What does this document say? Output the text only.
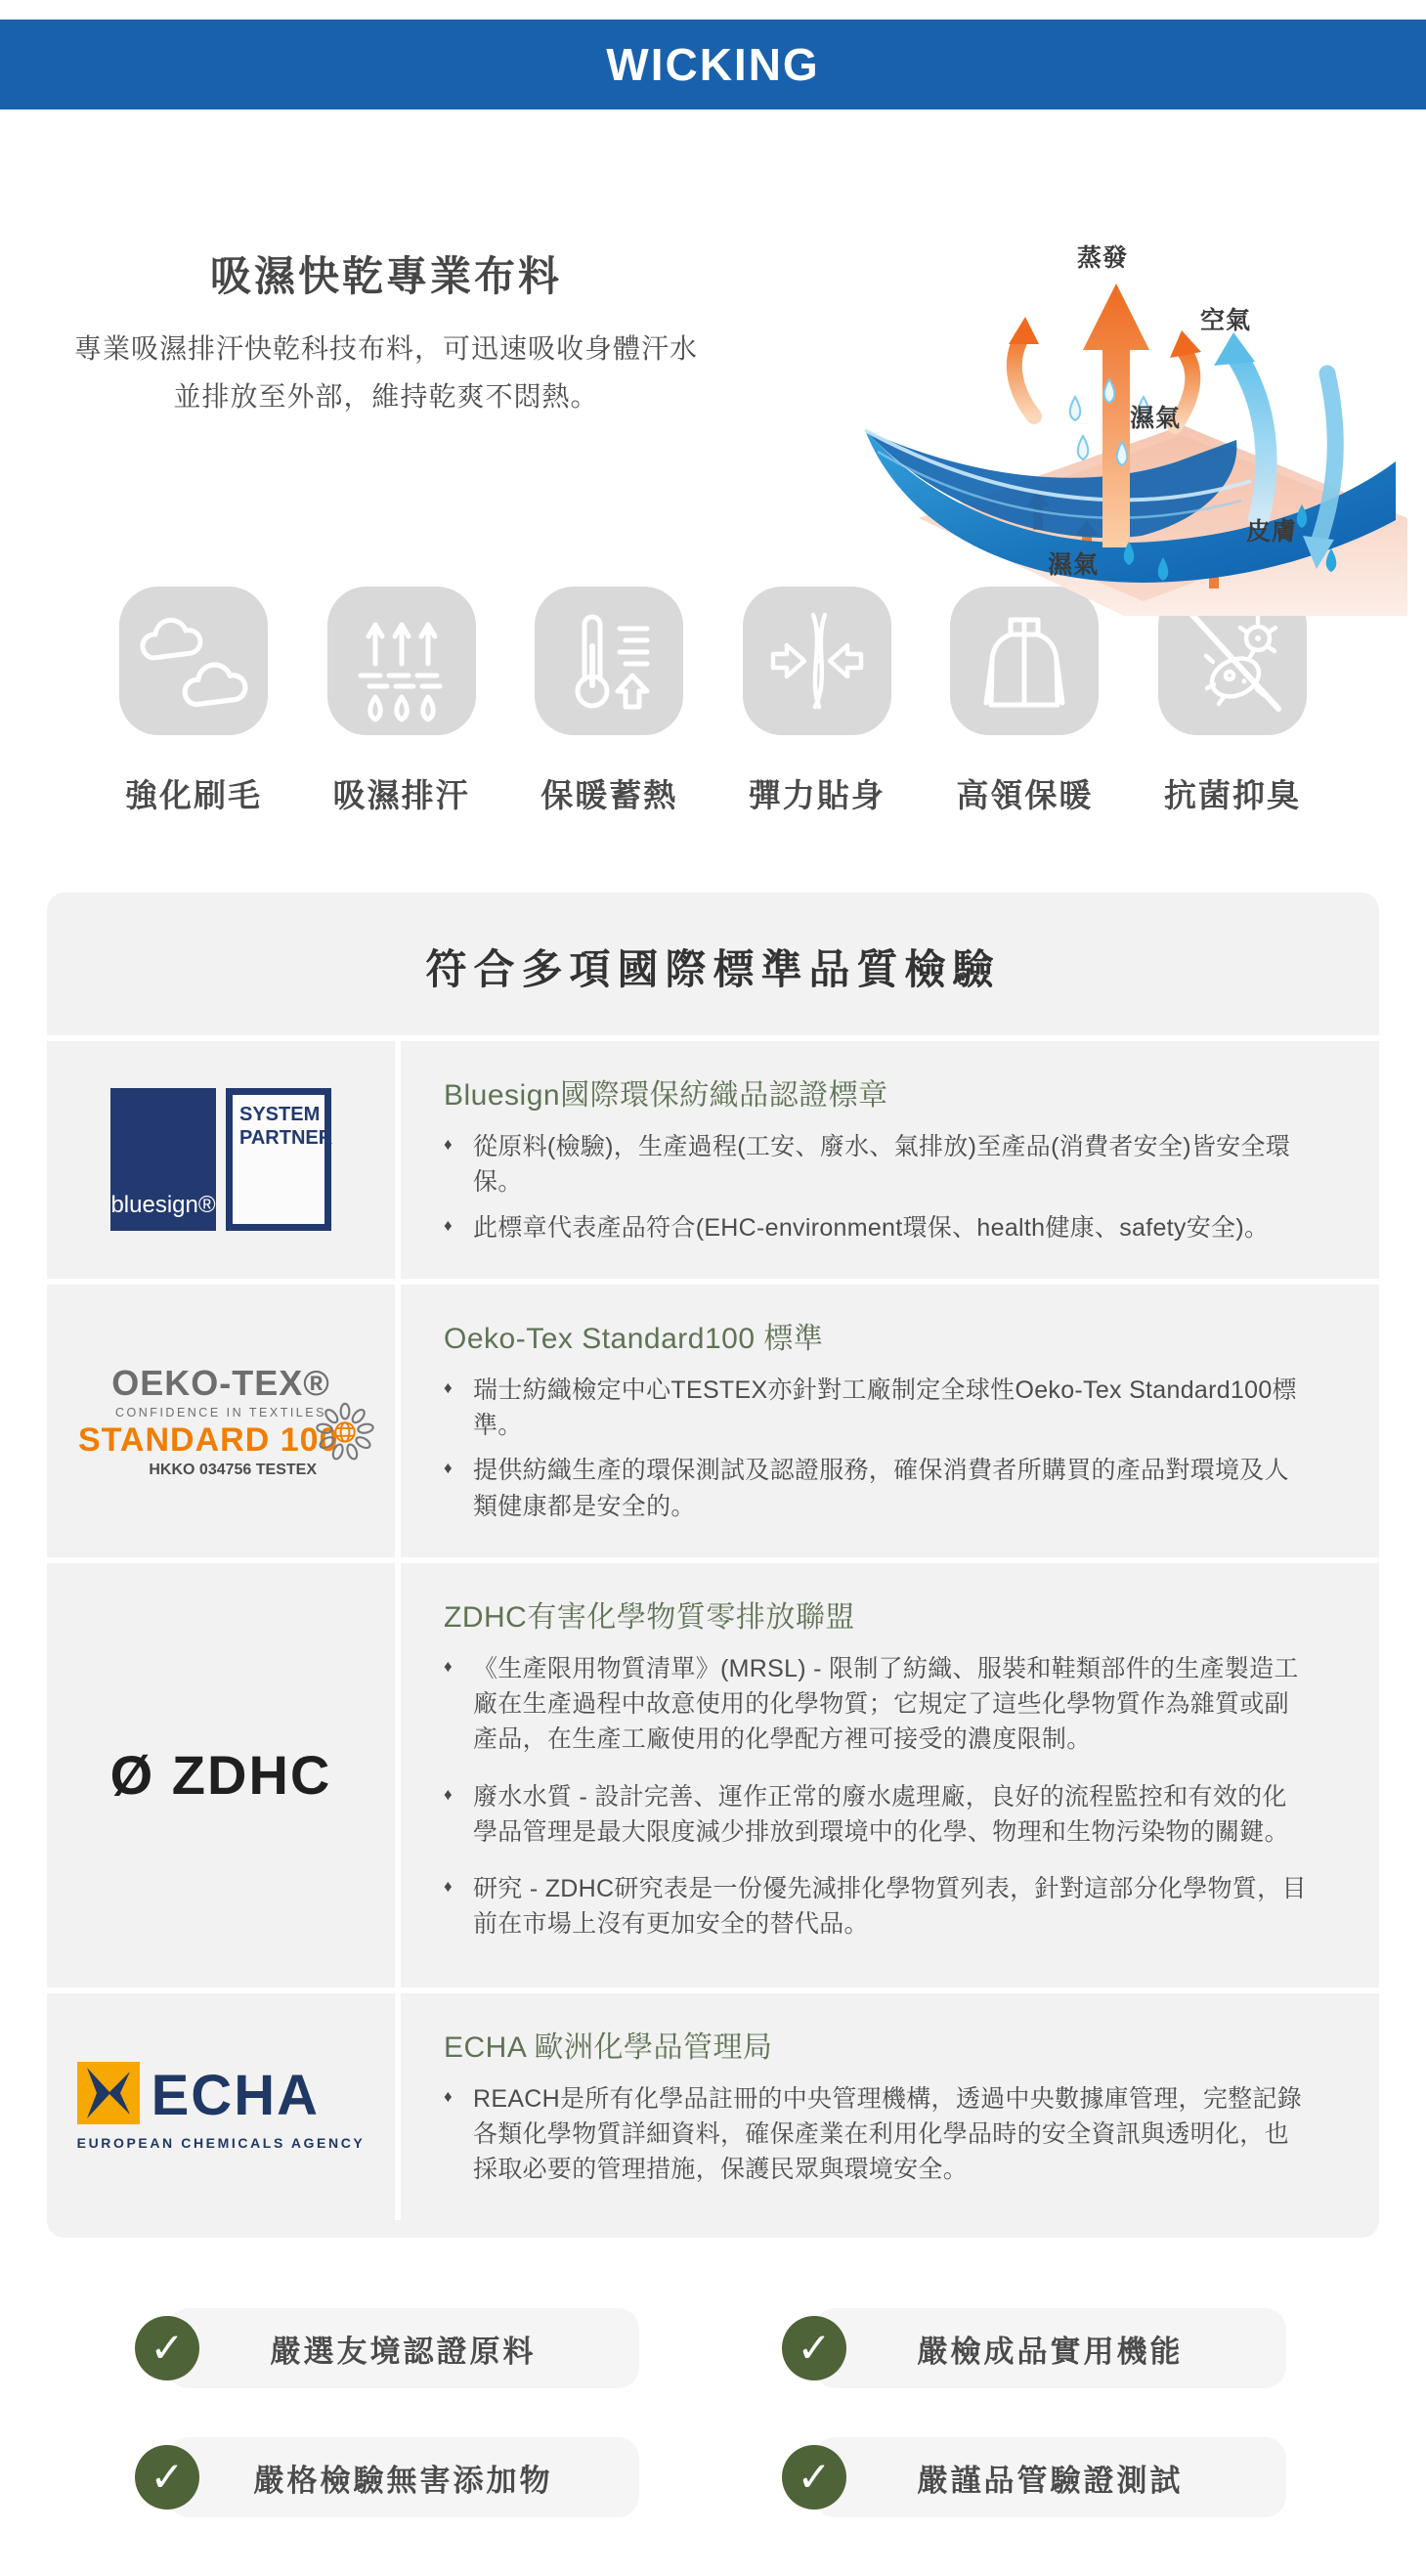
WICKING
吸濕快乾專業布料
專業吸濕排汗快乾科技布料，可迅速吸收身體汗水
並排放至外部，維持乾爽不悶熱。
蒸發
空氣
濕氣
皮膚
濕氣
強化刷毛 吸濕排汗 保暖蓄熱 彈力貼身 高領保暖 抗菌抑臭
符合多項國際標準品質檢驗
bluesign®
SYSTEM
PARTNER
Bluesign國際環保紡織品認證標章
♦ 從原料(檢驗)，生產過程(工安、廢水、氣排放)至產品(消費者安全)皆安全環保。
♦ 此標章代表產品符合(EHC-environment環保、health健康、safety安全)。
OEKO-TEX®
CONFIDENCE IN TEXTILES
STANDARD 100
HKKO 034756 TESTEX
Oeko-Tex Standard100 標準
♦ 瑞士紡織檢定中心TESTEX亦針對工廠制定全球性Oeko-Tex Standard100標準。
♦ 提供紡織生產的環保測試及認證服務，確保消費者所購買的產品對環境及人類健康都是安全的。
Ø ZDHC
ZDHC有害化學物質零排放聯盟
♦ 《生產限用物質清單》(MRSL) - 限制了紡織、服裝和鞋類部件的生產製造工廠在生產過程中故意使用的化學物質；它規定了這些化學物質作為雜質或副產品，在生產工廠使用的化學配方裡可接受的濃度限制。
♦ 廢水水質 - 設計完善、運作正常的廢水處理廠，良好的流程監控和有效的化學品管理是最大限度減少排放到環境中的化學、物理和生物污染物的關鍵。
♦ 研究 - ZDHC研究表是一份優先減排化學物質列表，針對這部分化學物質，目前在市場上沒有更加安全的替代品。
ECHA
EUROPEAN CHEMICALS AGENCY
ECHA 歐洲化學品管理局
♦ REACH是所有化學品註冊的中央管理機構，透過中央數據庫管理，完整記錄各類化學物質詳細資料，確保產業在利用化學品時的安全資訊與透明化，也採取必要的管理措施，保護民眾與環境安全。
✓	嚴選友境認證原料	✓	嚴檢成品實用機能
✓ 嚴格檢驗無害添加物	✓	嚴謹品管驗證測試
